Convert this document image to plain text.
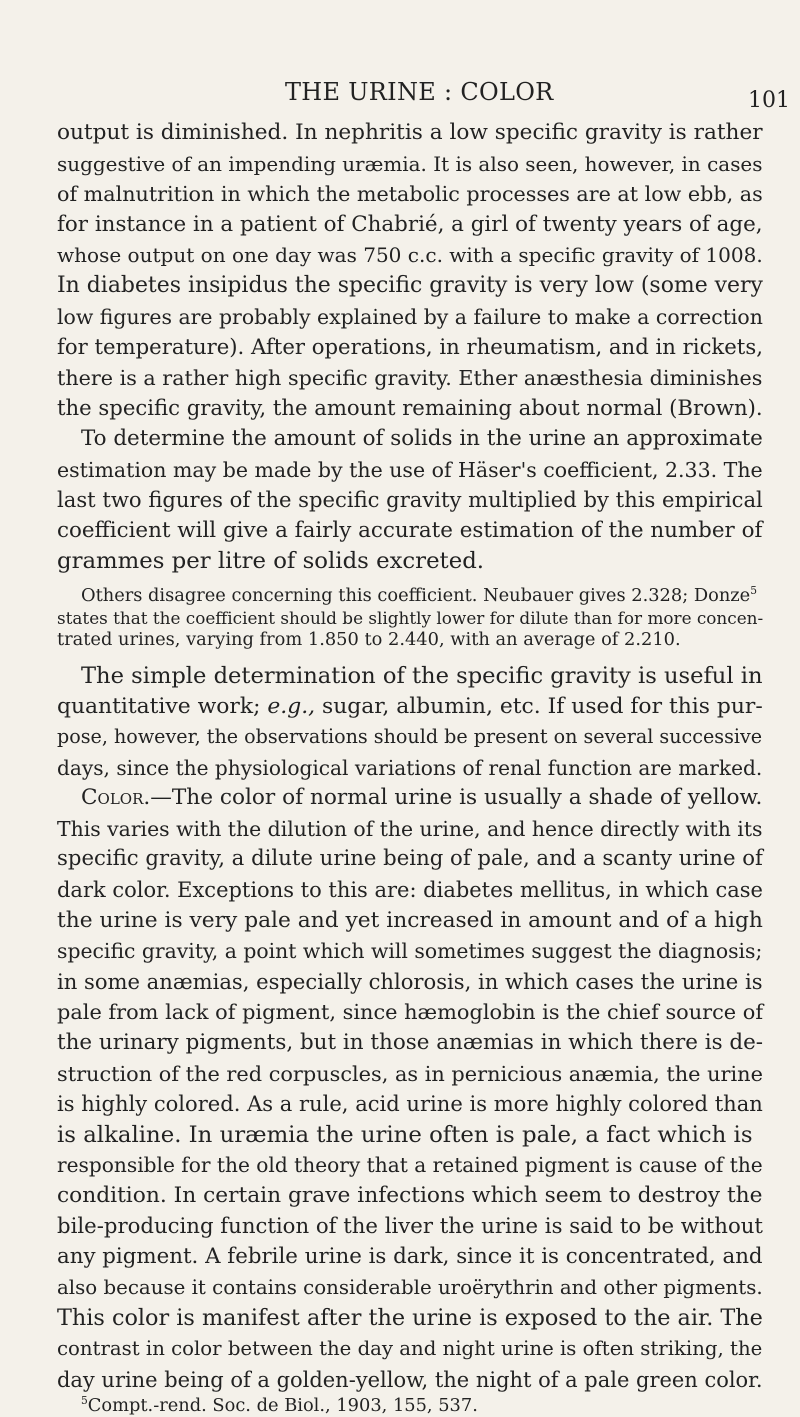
THE URINE : COLOR	101
output is diminished. In nephritis a low specific gravity is rather
suggestive of an impending uræmia. It is also seen, however, in cases
of malnutrition in which the metabolic processes are at low ebb, as
for instance in a patient of Chabrié, a girl of twenty years of age,
whose output on one day was 750 c.c. with a specific gravity of 1008.
In diabetes insipidus the specific gravity is very low (some very
low figures are probably explained by a failure to make a correction
for temperature). After operations, in rheumatism, and in rickets,
there is a rather high specific gravity. Ether anæsthesia diminishes
the specific gravity, the amount remaining about normal (Brown).
To determine the amount of solids in the urine an approximate
estimation may be made by the use of Häser's coefficient, 2.33. The
last two figures of the specific gravity multiplied by this empirical
coefficient will give a fairly accurate estimation of the number of
grammes per litre of solids excreted.
Others disagree concerning this coefficient. Neubauer gives 2.328; Donze$^5$
states that the coefficient should be slightly lower for dilute than for more concen-
trated urines, varying from 1.850 to 2.440, with an average of 2.210.
The simple determination of the specific gravity is useful in
quantitative work; e.g., sugar, albumin, etc. If used for this pur-
pose, however, the observations should be present on several successive
days, since the physiological variations of renal function are marked.
Color.—The color of normal urine is usually a shade of yellow.
This varies with the dilution of the urine, and hence directly with its
specific gravity, a dilute urine being of pale, and a scanty urine of
dark color. Exceptions to this are: diabetes mellitus, in which case
the urine is very pale and yet increased in amount and of a high
specific gravity, a point which will sometimes suggest the diagnosis;
in some anæmias, especially chlorosis, in which cases the urine is
pale from lack of pigment, since hæmoglobin is the chief source of
the urinary pigments, but in those anæmias in which there is de-
struction of the red corpuscles, as in pernicious anæmia, the urine
is highly colored. As a rule, acid urine is more highly colored than
is alkaline. In uræmia the urine often is pale, a fact which is
responsible for the old theory that a retained pigment is cause of the
condition. In certain grave infections which seem to destroy the
bile-producing function of the liver the urine is said to be without
any pigment. A febrile urine is dark, since it is concentrated, and
also because it contains considerable uroërythrin and other pigments.
This color is manifest after the urine is exposed to the air. The
contrast in color between the day and night urine is often striking, the
day urine being of a golden-yellow, the night of a pale green color.
$^5$Compt.-rend. Soc. de Biol., 1903, 155, 537.
